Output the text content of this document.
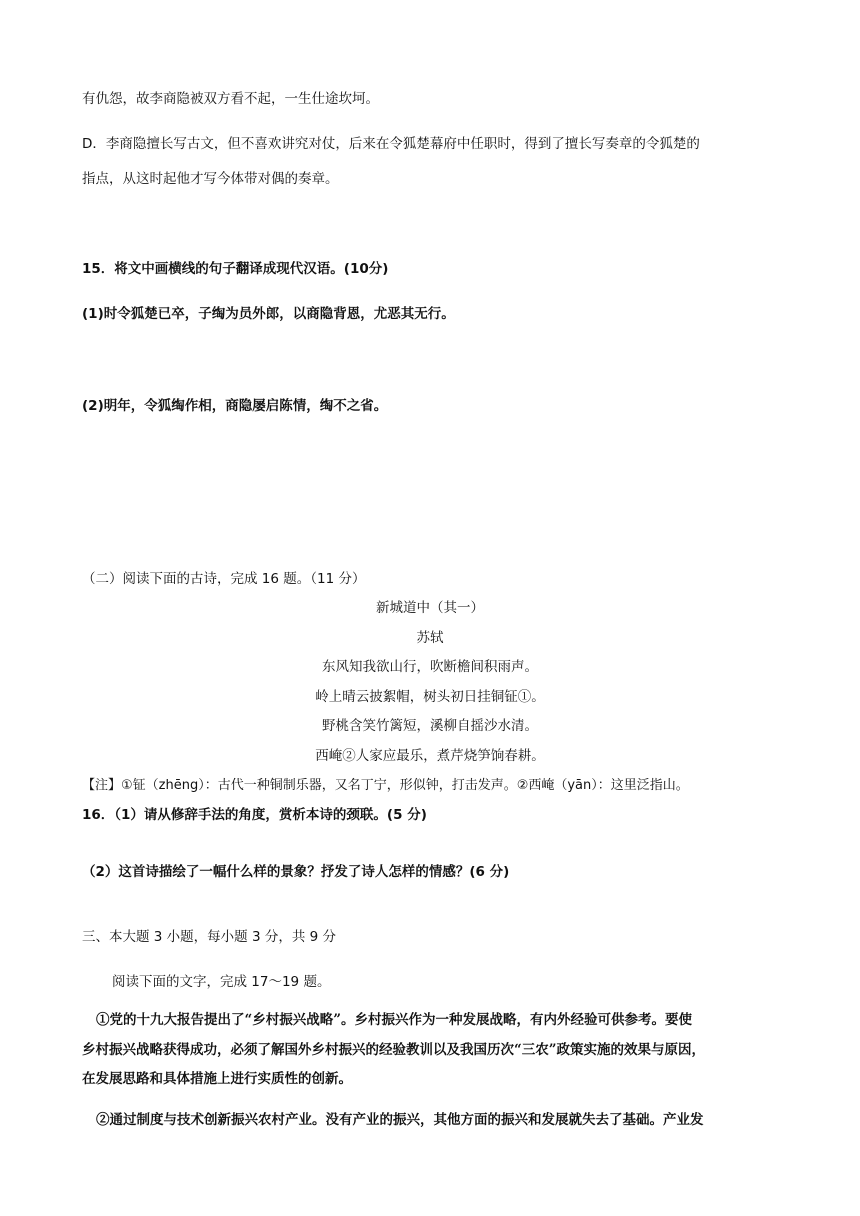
有仇怨，故李商隐被双方看不起，一生仕途坎坷。
D．李商隐擅长写古文，但不喜欢讲究对仗，后来在令狐楚幕府中任职时，得到了擅长写奏章的令狐楚的
指点，从这时起他才写今体带对偶的奏章。
15．将文中画横线的句子翻译成现代汉语。(10分)
(1)时令狐楚已卒，子绹为员外郎，以商隐背恩，尤恶其无行。
(2)明年，令狐绹作相，商隐屡启陈情，绹不之省。
（二）阅读下面的古诗，完成 16 题。（11 分）
新城道中（其一）
苏轼
东风知我欲山行，吹断檐间积雨声。
岭上晴云披絮帽，树头初日挂铜钲①。
野桃含笑竹篱短，溪柳自摇沙水清。
西崦②人家应最乐，煮芹烧笋饷春耕。
【注】①钲（zhēng）：古代一种铜制乐器，又名丁宁，形似钟，打击发声。②西崦（yān）：这里泛指山。
16．（1）请从修辞手法的角度，赏析本诗的颈联。(5 分)
（2）这首诗描绘了一幅什么样的景象？抒发了诗人怎样的情感？(6 分)
三、本大题 3 小题，每小题 3 分，共 9 分
阅读下面的文字，完成 17～19 题。
①党的十九大报告提出了“乡村振兴战略”。乡村振兴作为一种发展战略，有内外经验可供参考。要使
乡村振兴战略获得成功，必须了解国外乡村振兴的经验教训以及我国历次“三农”政策实施的效果与原因，
在发展思路和具体措施上进行实质性的创新。
②通过制度与技术创新振兴农村产业。没有产业的振兴，其他方面的振兴和发展就失去了基础。产业发
